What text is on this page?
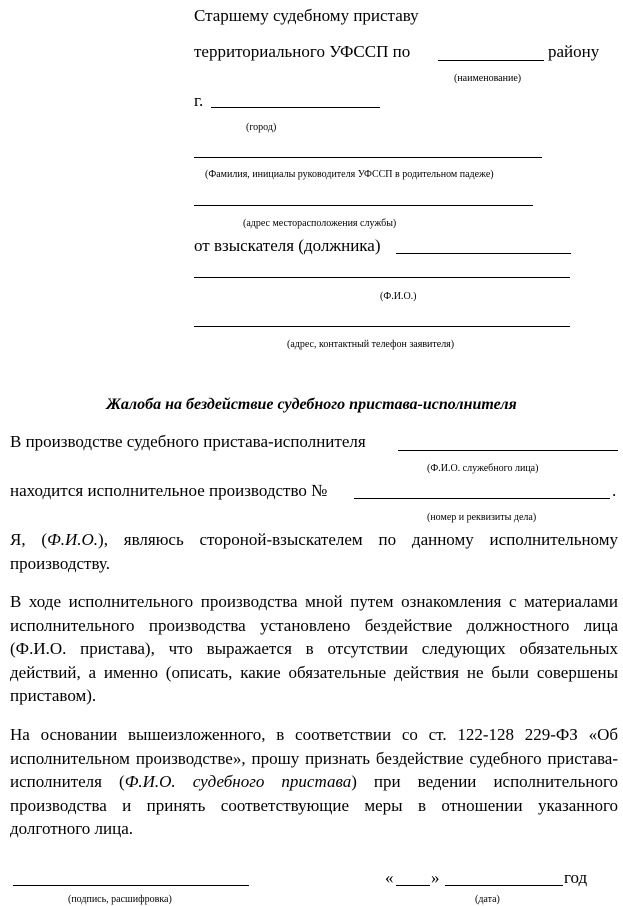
Старшему судебному приставу
территориального УФССП по	району
(наименование)
г.
(город)
(Фамилия, инициалы руководителя УФССП в родительном падеже)
(адрес месторасположения службы)
от взыскателя (должника)
(Ф.И.О.)
(адрес, контактный телефон заявителя)
Жалоба на бездействие судебного пристава-исполнителя
В производстве судебного пристава-исполнителя
(Ф.И.О. служебного лица)
находится исполнительное производство №	.
(номер и реквизиты дела)
Я, (Ф.И.О.), являюсь стороной-взыскателем по данному исполнительному производству.
В ходе исполнительного производства мной путем ознакомления с материалами исполнительного производства установлено бездействие должностного лица (Ф.И.О. пристава), что выражается в отсутствии следующих обязательных действий, а именно (описать, какие обязательные действия не были совершены приставом).
На основании вышеизложенного, в соответствии со ст. 122-128 229-ФЗ «Об исполнительном производстве», прошу признать бездействие судебного пристава-исполнителя (Ф.И.О. судебного пристава) при ведении исполнительного производства и принять соответствующие меры в отношении указанного долготного лица.
(подпись, расшифровка)
« »	год
(дата)
